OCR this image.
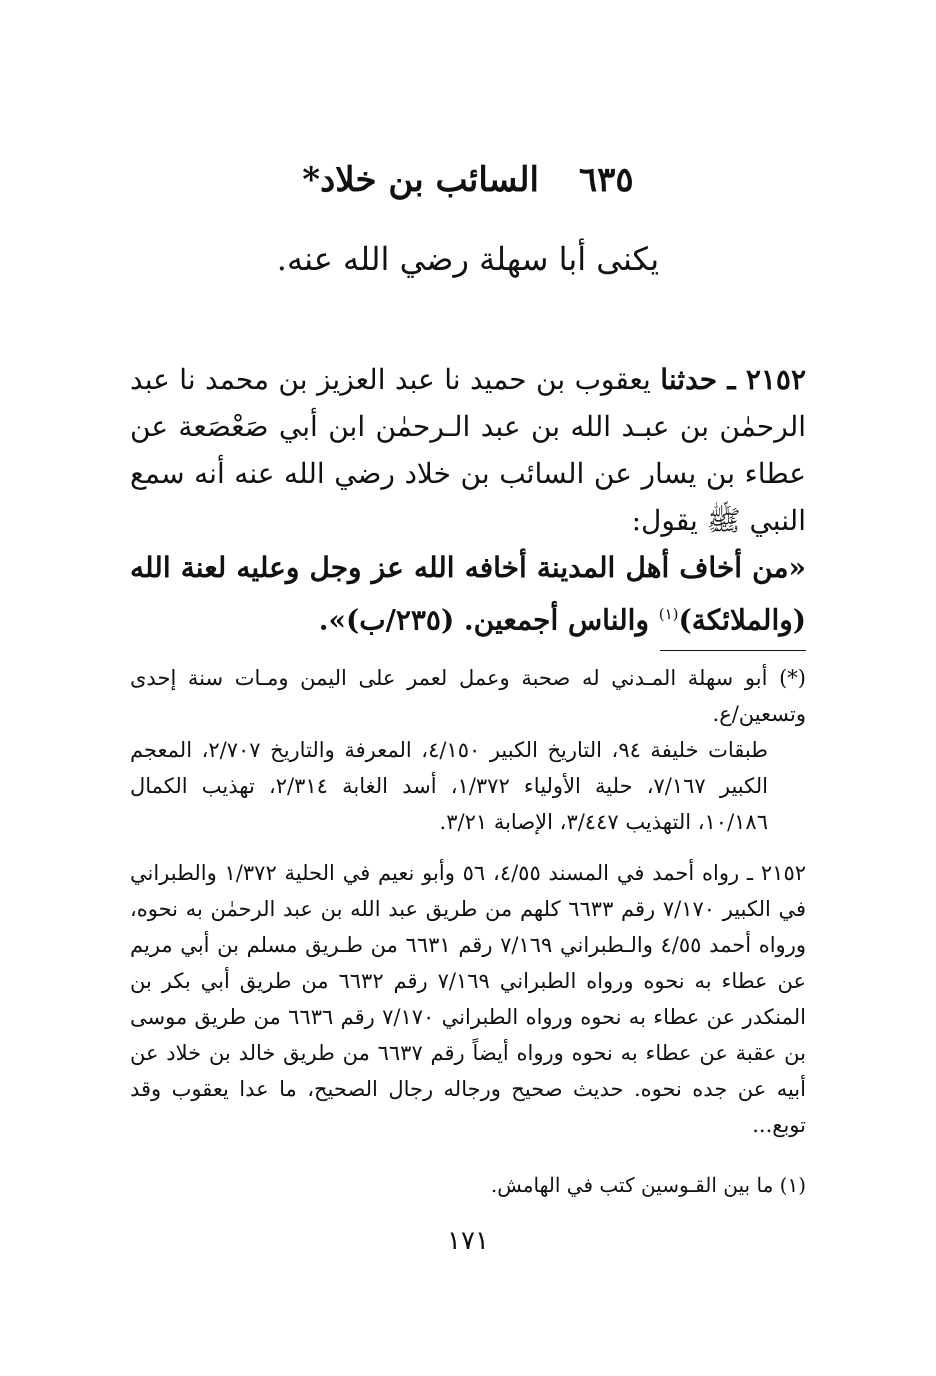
٦٣٥السائب بن خلاد*
يكنى أبا سهلة رضي الله عنه.
٢١٥٢ ـ حدثنا يعقوب بن حميد نا عبد العزيز بن محمد نا عبد الرحمٰن بن عبـد الله بن عبد الـرحمٰن ابن أبي صَعْصَعة عن عطاء بن يسار عن السائب بن خلاد رضي الله عنه أنه سمع النبي ﷺ يقول:
«من أخاف أهل المدينة أخافه الله عز وجل وعليه لعنة الله (والملائكة)$^{(١)}$ والناس أجمعين. (٢٣٥/ب)».
(*) أبو سهلة المـدني له صحبة وعمل لعمر على اليمن ومـات سنة إحدى وتسعين/ع.
طبقات خليفة ٩٤، التاريخ الكبير ٤/١٥٠، المعرفة والتاريخ ٢/٧٠٧، المعجم الكبير ٧/١٦٧، حلية الأولياء ١/٣٧٢، أسد الغابة ٢/٣١٤، تهذيب الكمال ١٠/١٨٦، التهذيب ٣/٤٤٧، الإصابة ٣/٢١.
٢١٥٢ ـ رواه أحمد في المسند ٤/٥٥، ٥٦ وأبو نعيم في الحلية ١/٣٧٢ والطبراني في الكبير ٧/١٧٠ رقم ٦٦٣٣ كلهم من طريق عبد الله بن عبد الرحمٰن به نحوه، ورواه أحمد ٤/٥٥ والـطبراني ٧/١٦٩ رقم ٦٦٣١ من طـريق مسلم بن أبي مريم عن عطاء به نحوه ورواه الطبراني ٧/١٦٩ رقم ٦٦٣٢ من طريق أبي بكر بن المنكدر عن عطاء به نحوه ورواه الطبراني ٧/١٧٠ رقم ٦٦٣٦ من طريق موسى بن عقبة عن عطاء به نحوه ورواه أيضاً رقم ٦٦٣٧ من طريق خالد بن خلاد عن أبيه عن جده نحوه. حديث صحيح ورجاله رجال الصحيح، ما عدا يعقوب وقد توبع...
(١) ما بين القـوسين كتب في الهامش.
١٧١
